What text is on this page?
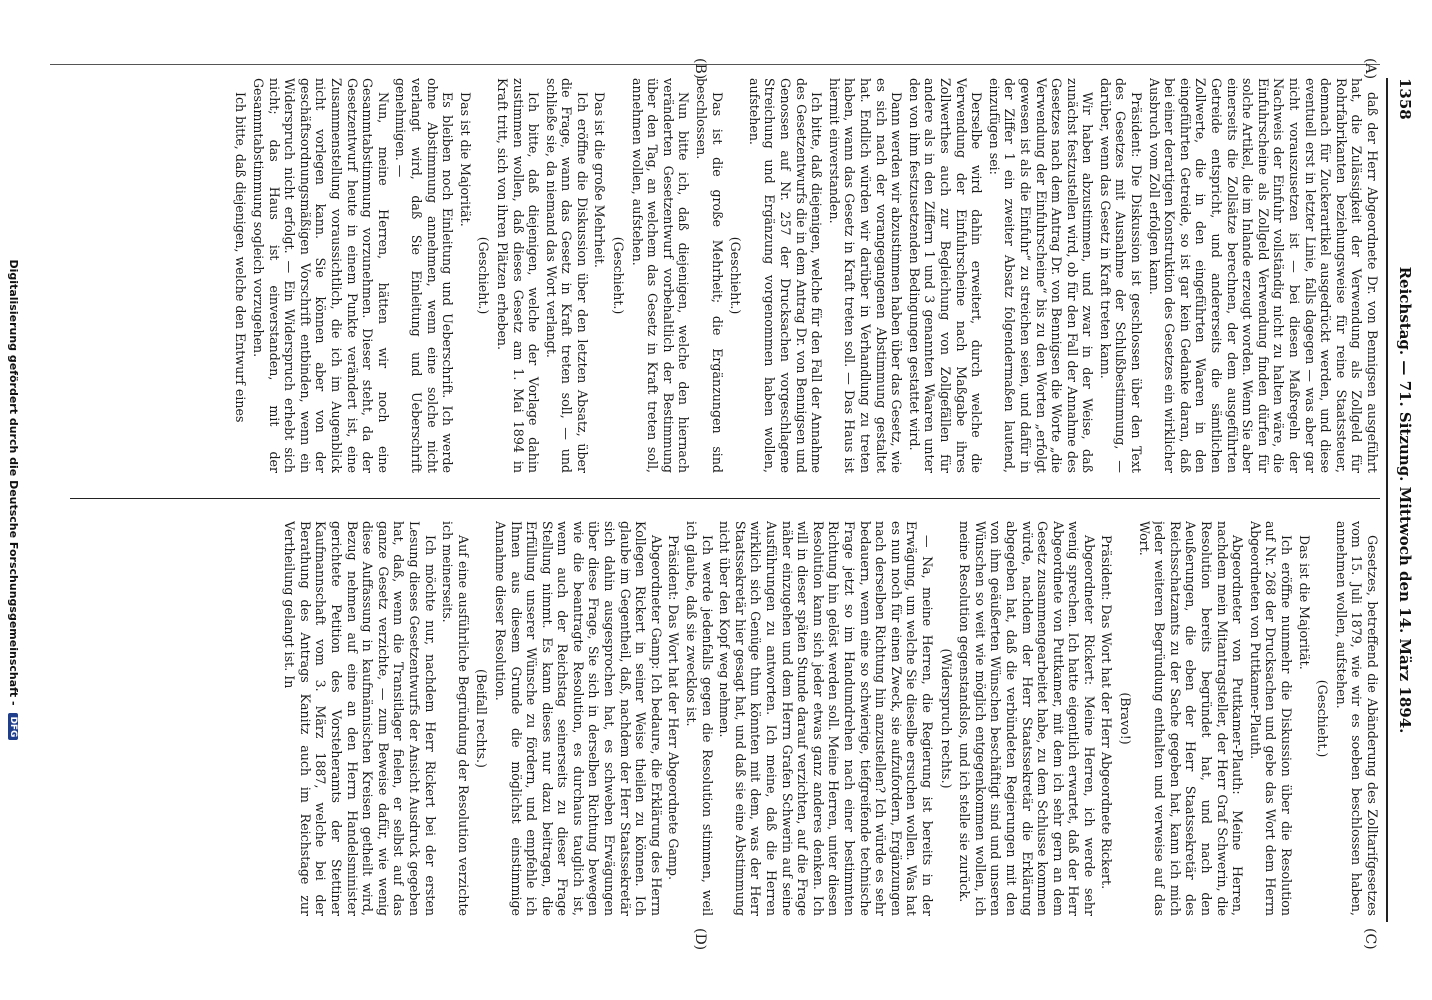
1358
Reichstag. — 71. Sitzung. Mittwoch den 14. März 1894.
(A)
(B)
(C)
(D)

daß der Herr Abgeordnete Dr. von Bennigsen ausgeführt hat, die Zulässigkeit der Verwendung als Zollgeld für Rohrfabrikanten beziehungsweise für reine Staatssteuer, demnach für Zuckerartikel ausgedrückt werden, und diese eventuell erst in letzter Linie, falls dagegen — was aber gar nicht vorauszusetzen ist — bei diesen Maßregeln der Nachweis der Einfuhr vollständig nicht zu halten wäre, die Einfuhrscheine als Zollgeld Verwendung finden dürfen für solche Artikel, die im Inlande erzeugt worden. Wenn Sie aber einerseits die Zollsätze berechnen, der dem ausgeführten Getreide entspricht, und andererseits die sämtlichen Zollwerte, die in den eingeführten Waaren in den eingeführten Getreide, so ist gar kein Gedanke daran, daß bei einer derartigen Konstruktion des Gesetzes ein wirklicher Ausbruch vom Zoll erfolgen kann.

Präsident: Die Diskussion ist geschlossen über den Text des Gesetzes mit Ausnahme der Schlußbestimmung, — darüber, wenn das Gesetz in Kraft treten kann.

Wir haben abzustimmen, und zwar in der Weise, daß zunächst festzustellen wird, ob für den Fall der Annahme des Gesetzes nach dem Antrag Dr. von Bennigsen die Worte „die Verwendung der Einfuhrscheine“ bis zu den Worten „erfolgt gewesen ist als die Einfuhr“ zu streichen seien, und dafür in der Ziffer 1 ein zweiter Absatz folgendermaßen lautend, einzufügen sei:

Derselbe wird dahin erweitert, durch welche die Verwendung der Einfuhrscheine nach Maßgabe ihres Zollwerthes auch zur Begleichung von Zollgefällen für andere als in den Ziffern 1 und 3 genannten Waaren unter den von ihm festzusetzenden Bedingungen gestattet wird.

Dann werden wir abzustimmen haben über das Gesetz, wie es sich nach der vorangegangenen Abstimmung gestaltet hat. Endlich würden wir darüber in Verhandlung zu treten haben, wann das Gesetz in Kraft treten soll. — Das Haus ist hiermit einverstanden.

Ich bitte, daß diejenigen, welche für den Fall der Annahme des Gesetzentwurfs die in dem Antrag Dr. von Bennigsen und Genossen auf Nr. 257 der Drucksachen vorgeschlagene Streichung und Ergänzung vorgenommen haben wollen, aufstehen.

(Geschieht.)

Das ist die große Mehrheit; die Ergänzungen sind beschlossen.

Nun bitte ich, daß diejenigen, welche den hiernach veränderten Gesetzentwurf vorbehaltlich der Bestimmung über den Tag, an welchem das Gesetz in Kraft treten soll, annehmen wollen, aufstehen.

(Geschieht.)

Das ist die große Mehrheit.

Ich eröffne die Diskussion über den letzten Absatz, über die Frage, wann das Gesetz in Kraft treten soll, — und schließe sie, da niemand das Wort verlangt.

Ich bitte, daß diejenigen, welche der Vorlage dahin zustimmen wollen, daß dieses Gesetz am 1. Mai 1894 in Kraft tritt, sich von ihren Plätzen erheben.

(Geschieht.)

Das ist die Majorität.

Es bleiben noch Einleitung und Ueberschrift. Ich werde ohne Abstimmung annehmen, wenn eine solche nicht verlangt wird, daß Sie Einleitung und Ueberschrift genehmigen. —

Nun, meine Herren, hätten wir noch eine Gesammtabstimmung vorzunehmen. Dieser steht, da der Gesetzentwurf heute in einem Punkte verändert ist, eine Zusammenstellung voraussichtlich, die ich im Augenblick nicht vorlegen kann. Sie können aber von der geschäftsordnungsmäßigen Vorschrift entbinden, wenn ein Widerspruch nicht erfolgt. — Ein Widerspruch erhebt sich nicht; das Haus ist einverstanden, mit der Gesammtabstimmung sogleich vorzugehen.

Ich bitte, daß diejenigen, welche den Entwurf eines

Gesetzes, betreffend die Abänderung des Zolltarifgesetzes vom 15. Juli 1879, wie wir es soeben beschlossen haben, annehmen wollen, aufstehen.

(Geschieht.)

Das ist die Majorität.

Ich eröffne nunmehr die Diskussion über die Resolution auf Nr. 268 der Drucksachen und gebe das Wort dem Herrn Abgeordneten von Puttkamer-Plauth.

Abgeordneter von Puttkamer-Plauth: Meine Herren, nachdem mein Mitantragsteller, der Herr Graf Schwerin, die Resolution bereits begründet hat, und nach den Aeußerungen, die eben der Herr Staatssekretär des Reichsschatzamts zu der Sache gegeben hat, kann ich mich jeder weiteren Begründung enthalten und verweise auf das Wort.

(Bravo!)

Präsident: Das Wort hat der Herr Abgeordnete Rickert.

Abgeordneter Rickert: Meine Herren, ich werde sehr wenig sprechen. Ich hatte eigentlich erwartet, daß der Herr Abgeordnete von Puttkamer, mit dem ich sehr gern an dem Gesetz zusammengearbeitet habe, zu dem Schlusse kommen würde, nachdem der Herr Staatssekretär die Erklärung abgegeben hat, daß die verbündeten Regierungen mit den von ihm geäußerten Wünschen beschäftigt sind und unseren Wünschen so weit wie möglich entgegenkommen wollen, ich meine Resolution gegenstandslos, und ich stelle sie zurück.

(Widerspruch rechts.)

— Na, meine Herren, die Regierung ist bereits in der Erwägung, um welche Sie dieselbe ersuchen wollen. Was hat es nun noch für einen Zweck, sie aufzufordern, Ergänzungen nach derselben Richtung hin anzustellen? Ich würde es sehr bedauern, wenn eine so schwierige, tiefgreifende technische Frage jetzt so im Handumdrehen nach einer bestimmten Richtung hin gelöst werden soll. Meine Herren, unter diesen Resolution kann sich jeder etwas ganz anderes denken. Ich will in dieser späten Stunde darauf verzichten, auf die Frage näher einzugehen und dem Herrn Grafen Schwerin auf seine Ausführungen zu antworten. Ich meine, daß die Herren wirklich sich Genüge thun könnten mit dem, was der Herr Staatssekretär hier gesagt hat, und daß sie eine Abstimmung nicht über den Kopf weg nehmen.

Ich werde jedenfalls gegen die Resolution stimmen, weil ich glaube, daß sie zwecklos ist.

Präsident: Das Wort hat der Herr Abgeordnete Gamp.

Abgeordneter Gamp: Ich bedaure, die Erklärung des Herrn Kollegen Rickert in seiner Weise theilen zu können. Ich glaube im Gegentheil, daß, nachdem der Herr Staatssekretär sich dahin ausgesprochen hat, es schweben Erwägungen über diese Frage, Sie sich in derselben Richtung bewegen wie die beantragte Resolution, es durchaus tauglich ist, wenn auch der Reichstag seinerseits zu dieser Frage Stellung nimmt. Es kann dieses nur dazu beitragen, die Erfüllung unserer Wünsche zu fördern, und empfehle ich Ihnen aus diesem Grunde die möglichst einstimmige Annahme dieser Resolution.

(Beifall rechts.)

Auf eine ausführliche Begründung der Resolution verzichte ich meinerseits.

Ich möchte nur, nachdem Herr Rickert bei der ersten Lesung dieses Gesetzentwurfs der Ansicht Ausdruck gegeben hat, daß, wenn die Transitlager fielen, er selbst auf das ganze Gesetz verzichte, — zum Beweise dafür, wie wenig diese Auffassung in kaufmännischen Kreisen getheilt wird, Bezug nehmen auf eine an den Herrn Handelsminister gerichtete Petition des Vorsteheramts der Stettiner Kaufmannschaft vom 3. März 1887, welche bei der Berathung des Antrags Kanitz auch im Reichstage zur Vertheilung gelangt ist. In

Digitalisierung gefördert durch die Deutsche Forschungsgemeinschaft - DFG
